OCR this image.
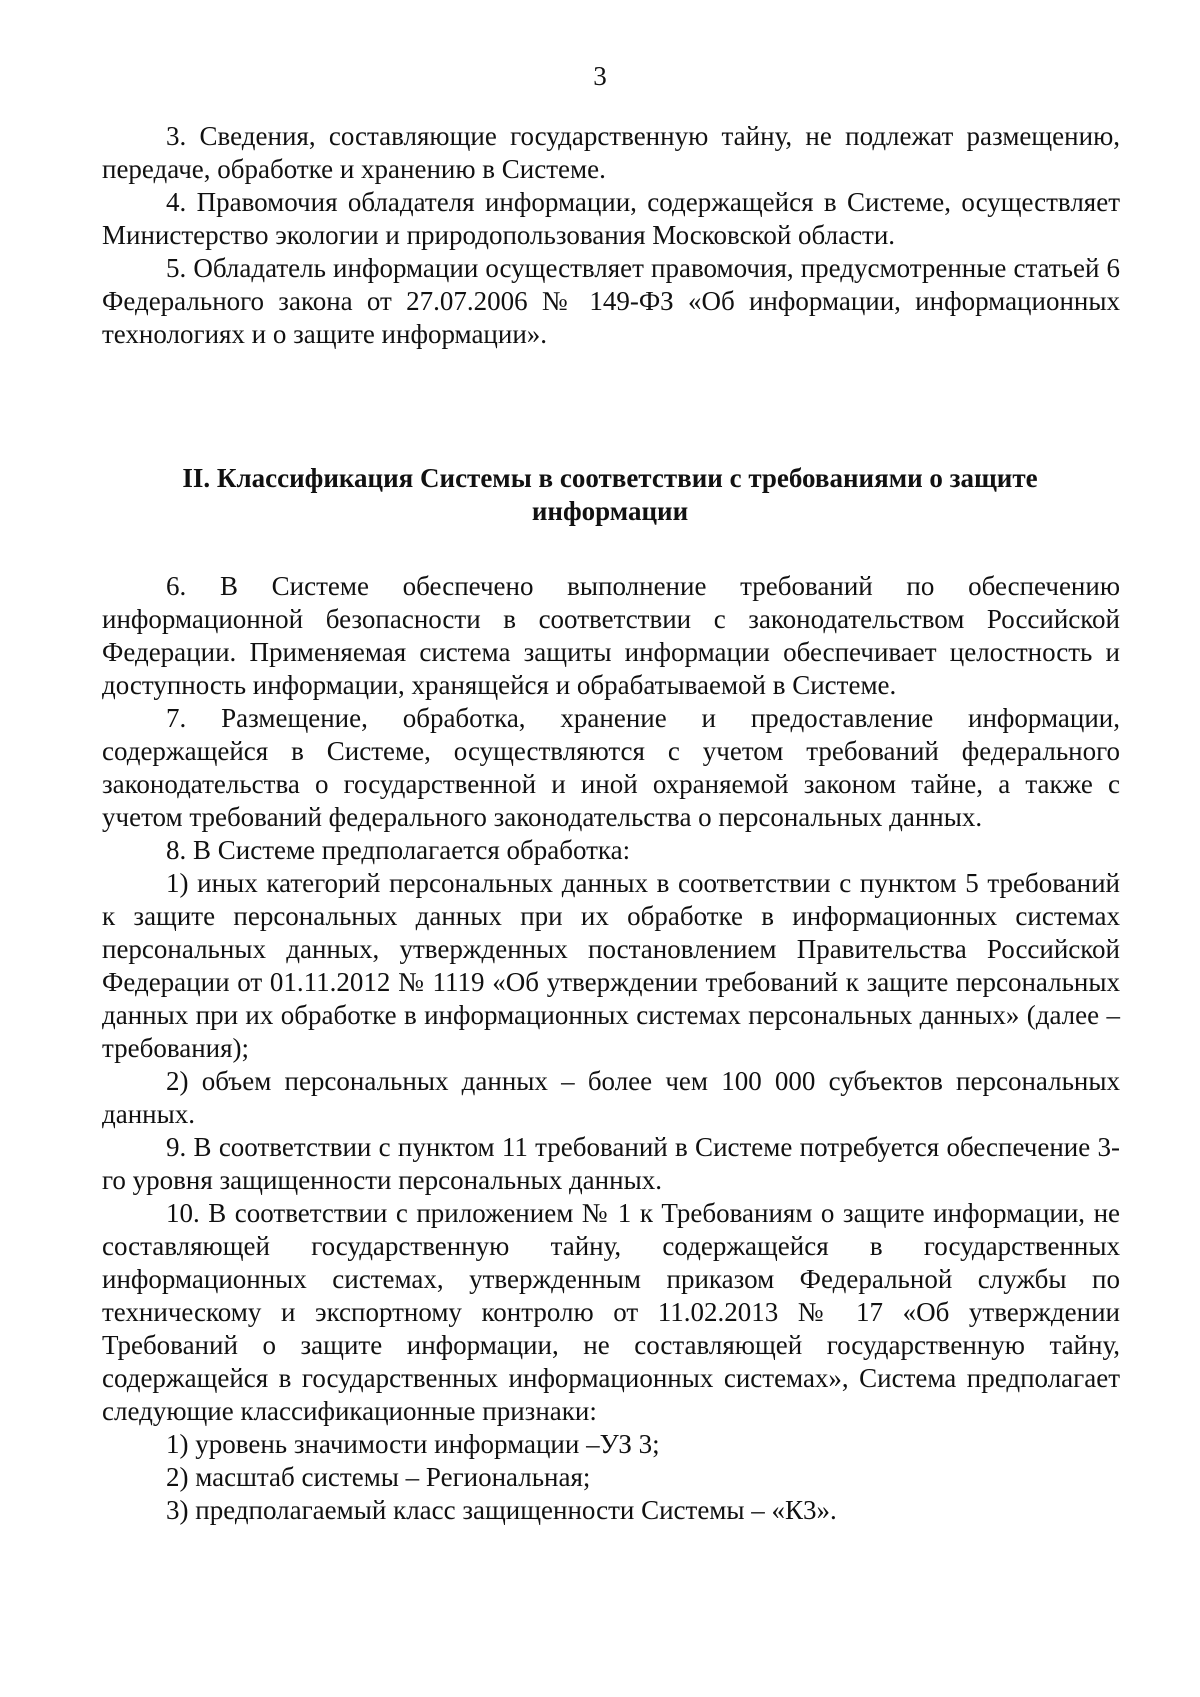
3

3. Сведения, составляющие государственную тайну, не подлежат размещению, передаче, обработке и хранению в Системе.

4. Правомочия обладателя информации, содержащейся в Системе, осуществляет Министерство экологии и природопользования Московской области.

5. Обладатель информации осуществляет правомочия, предусмотренные статьей 6 Федерального закона от 27.07.2006 № 149-ФЗ «Об информации, информационных технологиях и о защите информации».

II. Классификация Системы в соответствии с требованиями о защите
информации

6. В Системе обеспечено выполнение требований по обеспечению информационной безопасности в соответствии с законодательством Российской Федерации. Применяемая система защиты информации обеспечивает целостность и доступность информации, хранящейся и обрабатываемой в Системе.

7. Размещение, обработка, хранение и предоставление информации, содержащейся в Системе, осуществляются с учетом требований федерального законодательства о государственной и иной охраняемой законом тайне, а также с учетом требований федерального законодательства о персональных данных.

8. В Системе предполагается обработка:

1) иных категорий персональных данных в соответствии с пунктом 5 требований к защите персональных данных при их обработке в информационных системах персональных данных, утвержденных постановлением Правительства Российской Федерации от 01.11.2012 № 1119 «Об утверждении требований к защите персональных данных при их обработке в информационных системах персональных данных» (далее – требования);

2) объем персональных данных – более чем 100 000 субъектов персональных данных.

9. В соответствии с пунктом 11 требований в Системе потребуется обеспечение 3-го уровня защищенности персональных данных.

10. В соответствии с приложением № 1 к Требованиям о защите информации, не составляющей государственную тайну, содержащейся в государственных информационных системах, утвержденным приказом Федеральной службы по техническому и экспортному контролю от 11.02.2013 № 17 «Об утверждении Требований о защите информации, не составляющей государственную тайну, содержащейся в государственных информационных системах», Система предполагает следующие классификационные признаки:

1) уровень значимости информации –УЗ 3;

2) масштаб системы – Региональная;

3) предполагаемый класс защищенности Системы – «К3».
